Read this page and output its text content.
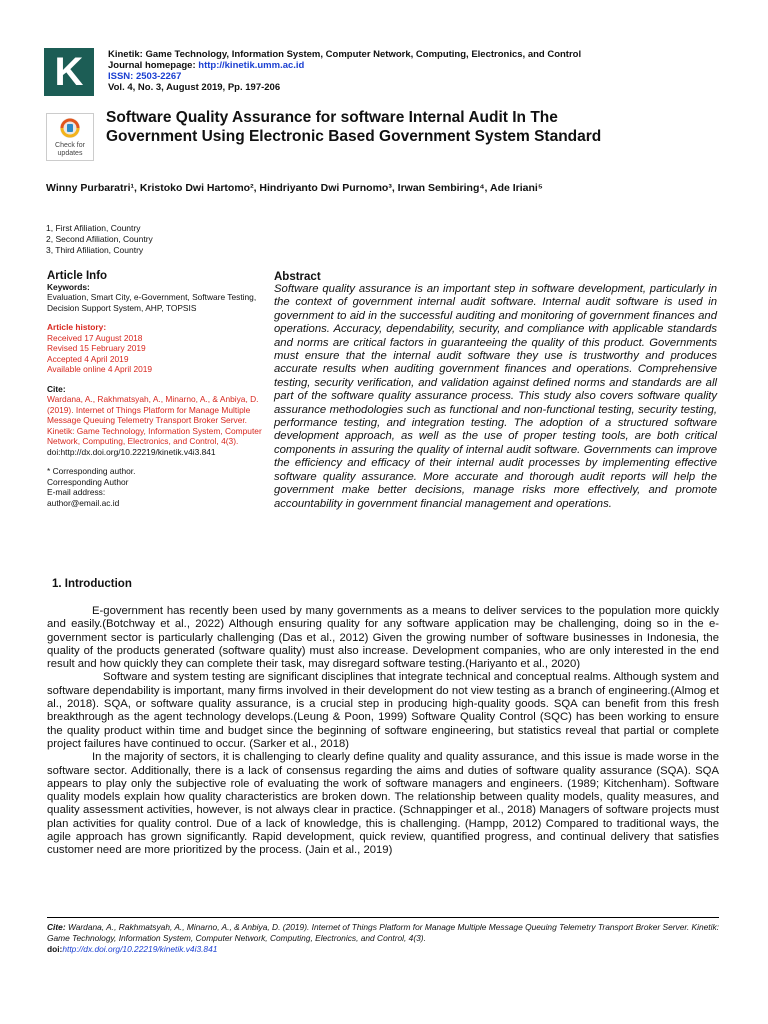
K	Kinetik: Game Technology, Information System, Computer Network, Computing, Electronics, and Control
Journal homepage: http://kinetik.umm.ac.id
ISSN: 2503-2267
Vol. 4, No. 3, August 2019, Pp. 197-206
Check for
updates
Software Quality Assurance for software Internal Audit In The
Government Using Electronic Based Government System Standard
Winny Purbaratri¹, Kristoko Dwi Hartomo², Hindriyanto Dwi Purnomo³, Irwan Sembiring⁴, Ade Iriani⁵
1, First Afiliation, Country
2, Second Afiliation, Country
3, Third Afiliation, Country
Article Info
Keywords:
Evaluation, Smart City, e-Government, Software Testing, Decision Support System, AHP, TOPSIS
Article history:
Received 17 August 2018
Revised 15 February 2019
Accepted 4 April 2019
Available online 4 April 2019
Cite:
Wardana, A., Rakhmatsyah, A., Minarno, A., & Anbiya, D. (2019). Internet of Things Platform for Manage Multiple Message Queuing Telemetry Transport Broker Server. Kinetik: Game Technology, Information System, Computer Network, Computing, Electronics, and Control, 4(3).
doi:http://dx.doi.org/10.22219/kinetik.v4i3.841
* Corresponding author.
Corresponding Author
E-mail address:
author@email.ac.id
Abstract
Software quality assurance is an important step in software development, particularly in the context of government internal audit software. Internal audit software is used in government to aid in the successful auditing and monitoring of government finances and operations. Accuracy, dependability, security, and compliance with applicable standards and norms are critical factors in guaranteeing the quality of this product. Governments must ensure that the internal audit software they use is trustworthy and produces accurate results when auditing government finances and operations. Comprehensive testing, security verification, and validation against defined norms and standards are all part of the software quality assurance process. This study also covers software quality assurance methodologies such as functional and non-functional testing, security testing, performance testing, and integration testing. The adoption of a structured software development approach, as well as the use of proper testing tools, are both critical components in assuring the quality of internal audit software. Governments can improve the efficiency and efficacy of their internal audit processes by implementing effective software quality assurance. More accurate and thorough audit reports will help the government make better decisions, manage risks more effectively, and promote accountability in government financial management and operations.
1. Introduction

E-government has recently been used by many governments as a means to deliver services to the population more quickly and easily.(Botchway et al., 2022) Although ensuring quality for any software application may be challenging, doing so in the e-government sector is particularly challenging (Das et al., 2012) Given the growing number of software businesses in Indonesia, the quality of the products generated (software quality) must also increase. Development companies, who are only interested in the end result and how quickly they can complete their task, may disregard software testing.(Hariyanto et al., 2020)

Software and system testing are significant disciplines that integrate technical and conceptual realms. Although system and software dependability is important, many firms involved in their development do not view testing as a branch of engineering.(Almog et al., 2018). SQA, or software quality assurance, is a crucial step in producing high-quality goods. SQA can benefit from this fresh breakthrough as the agent technology develops.(Leung & Poon, 1999) Software Quality Control (SQC) has been working to ensure the quality product within time and budget since the beginning of software engineering, but statistics reveal that partial or complete project failures have continued to occur. (Sarker et al., 2018)

In the majority of sectors, it is challenging to clearly define quality and quality assurance, and this issue is made worse in the software sector. Additionally, there is a lack of consensus regarding the aims and duties of software quality assurance (SQA). SQA appears to play only the subjective role of evaluating the work of software managers and engineers. (1989; Kitchenham). Software quality models explain how quality characteristics are broken down. The relationship between quality models, quality measures, and quality assessment activities, however, is not always clear in practice. (Schnappinger et al., 2018) Managers of software projects must plan activities for quality control. Due of a lack of knowledge, this is challenging. (Hampp, 2012) Compared to traditional ways, the agile approach has grown significantly. Rapid development, quick review, quantified progress, and continual delivery that satisfies customer need are more prioritized by the process. (Jain et al., 2019)

Cite: Wardana, A., Rakhmatsyah, A., Minarno, A., & Anbiya, D. (2019). Internet of Things Platform for Manage Multiple Message Queuing Telemetry Transport Broker Server. Kinetik: Game Technology, Information System, Computer Network, Computing, Electronics, and Control, 4(3).
doi:http://dx.doi.org/10.22219/kinetik.v4i3.841
